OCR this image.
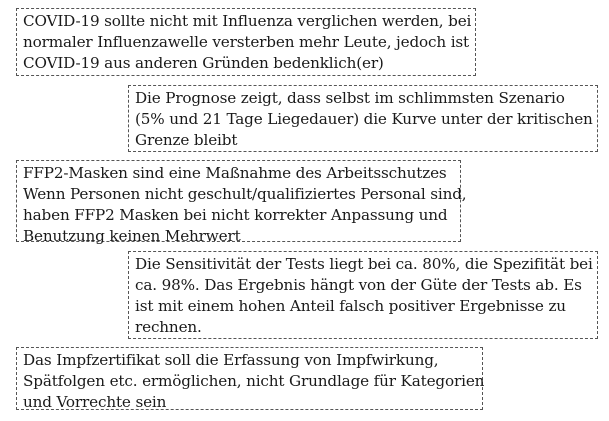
COVID-19 sollte nicht mit Influenza verglichen werden, bei
normaler Influenzawelle versterben mehr Leute, jedoch ist
COVID-19 aus anderen Gründen bedenklich(er)
Die Prognose zeigt, dass selbst im schlimmsten Szenario
(5% und 21 Tage Liegedauer) die Kurve unter der kritischen
Grenze bleibt
FFP2-Masken sind eine Maßnahme des Arbeitsschutzes
Wenn Personen nicht geschult/qualifiziertes Personal sind,
haben FFP2 Masken bei nicht korrekter Anpassung und
Benutzung keinen Mehrwert
Die Sensitivität der Tests liegt bei ca. 80%, die Spezifität bei
ca. 98%. Das Ergebnis hängt von der Güte der Tests ab. Es
ist mit einem hohen Anteil falsch positiver Ergebnisse zu
rechnen.
Das Impfzertifikat soll die Erfassung von Impfwirkung,
Spätfolgen etc. ermöglichen, nicht Grundlage für Kategorien
und Vorrechte sein
